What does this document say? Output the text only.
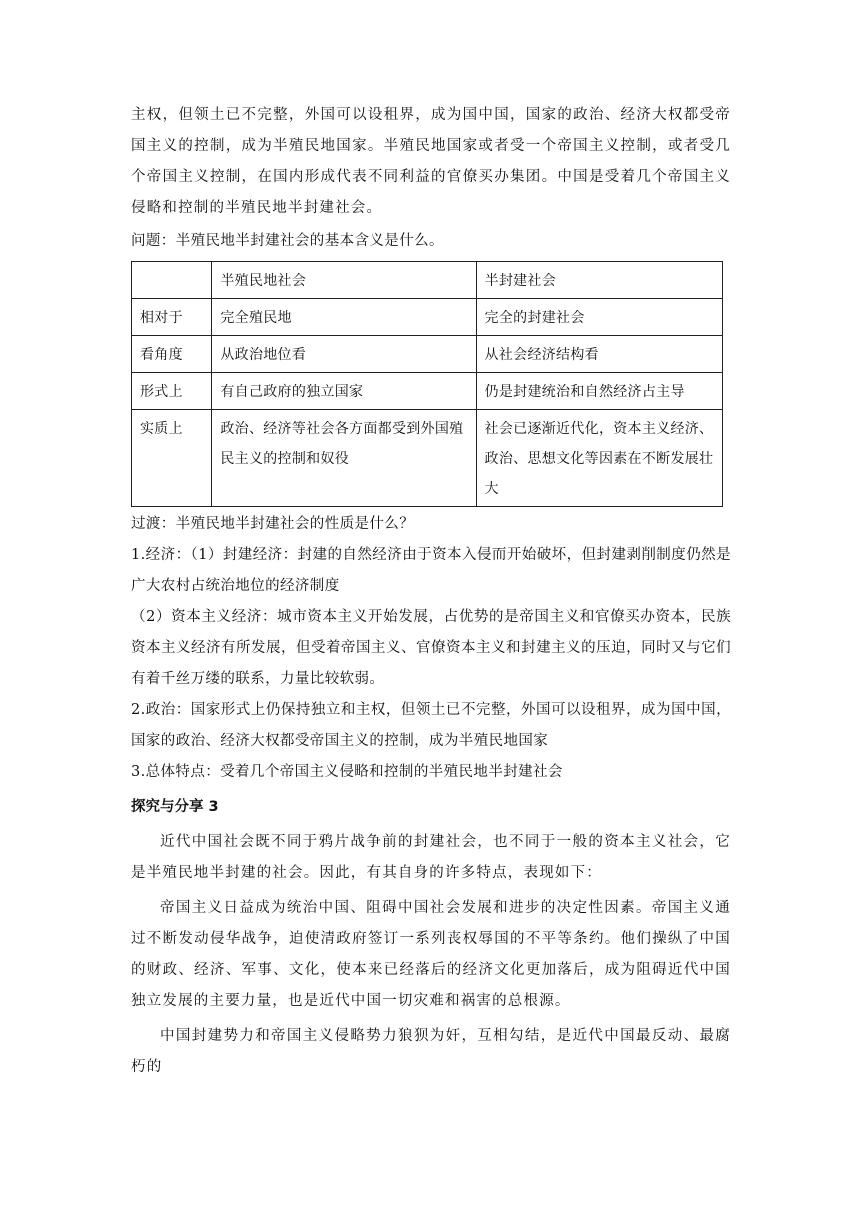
主权，但领土已不完整，外国可以设租界，成为国中国，国家的政治、经济大权都受帝国主义的控制，成为半殖民地国家。半殖民地国家或者受一个帝国主义控制，或者受几个帝国主义控制，在国内形成代表不同利益的官僚买办集团。中国是受着几个帝国主义侵略和控制的半殖民地半封建社会。

问题：半殖民地半封建社会的基本含义是什么。

	半殖民地社会	半封建社会
相对于	完全殖民地	完全的封建社会
看角度	从政治地位看	从社会经济结构看
形式上	有自己政府的独立国家	仍是封建统治和自然经济占主导
实质上	政治、经济等社会各方面都受到外国殖民主义的控制和奴役	社会已逐渐近代化，资本主义经济、政治、思想文化等因素在不断发展壮大

过渡：半殖民地半封建社会的性质是什么？

1.经济：（1）封建经济：封建的自然经济由于资本入侵而开始破坏，但封建剥削制度仍然是广大农村占统治地位的经济制度

（2）资本主义经济：城市资本主义开始发展，占优势的是帝国主义和官僚买办资本，民族资本主义经济有所发展，但受着帝国主义、官僚资本主义和封建主义的压迫，同时又与它们有着千丝万缕的联系，力量比较软弱。

2.政治：国家形式上仍保持独立和主权，但领土已不完整，外国可以设租界，成为国中国，国家的政治、经济大权都受帝国主义的控制，成为半殖民地国家

3.总体特点：受着几个帝国主义侵略和控制的半殖民地半封建社会

探究与分享 3

近代中国社会既不同于鸦片战争前的封建社会，也不同于一般的资本主义社会，它是半殖民地半封建的社会。因此，有其自身的许多特点，表现如下：

帝国主义日益成为统治中国、阻碍中国社会发展和进步的决定性因素。帝国主义通过不断发动侵华战争，迫使清政府签订一系列丧权辱国的不平等条约。他们操纵了中国的财政、经济、军事、文化，使本来已经落后的经济文化更加落后，成为阻碍近代中国独立发展的主要力量，也是近代中国一切灾难和祸害的总根源。

中国封建势力和帝国主义侵略势力狼狈为奸，互相勾结，是近代中国最反动、最腐朽的
